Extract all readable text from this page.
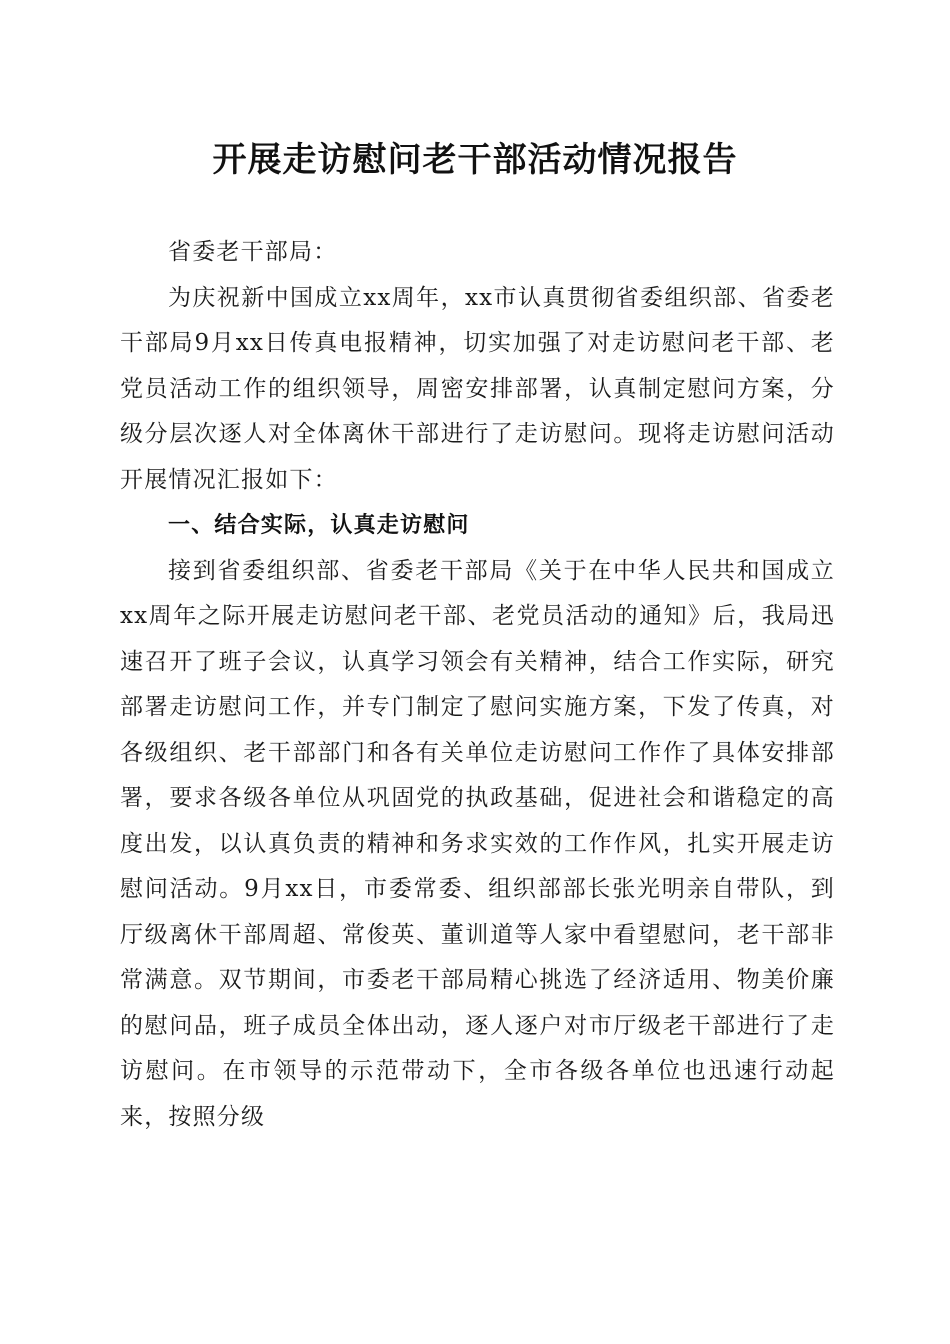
开展走访慰问老干部活动情况报告

省委老干部局：

为庆祝新中国成立xx周年，xx市认真贯彻省委组织部、省委老干部局9月xx日传真电报精神，切实加强了对走访慰问老干部、老党员活动工作的组织领导，周密安排部署，认真制定慰问方案，分级分层次逐人对全体离休干部进行了走访慰问。现将走访慰问活动开展情况汇报如下：

一、结合实际，认真走访慰问

接到省委组织部、省委老干部局《关于在中华人民共和国成立xx周年之际开展走访慰问老干部、老党员活动的通知》后，我局迅速召开了班子会议，认真学习领会有关精神，结合工作实际，研究部署走访慰问工作，并专门制定了慰问实施方案，下发了传真，对各级组织、老干部部门和各有关单位走访慰问工作作了具体安排部署，要求各级各单位从巩固党的执政基础，促进社会和谐稳定的高度出发，以认真负责的精神和务求实效的工作作风，扎实开展走访慰问活动。9月xx日，市委常委、组织部部长张光明亲自带队，到厅级离休干部周超、常俊英、董训道等人家中看望慰问，老干部非常满意。双节期间，市委老干部局精心挑选了经济适用、物美价廉的慰问品，班子成员全体出动，逐人逐户对市厅级老干部进行了走访慰问。在市领导的示范带动下，全市各级各单位也迅速行动起来，按照分级
